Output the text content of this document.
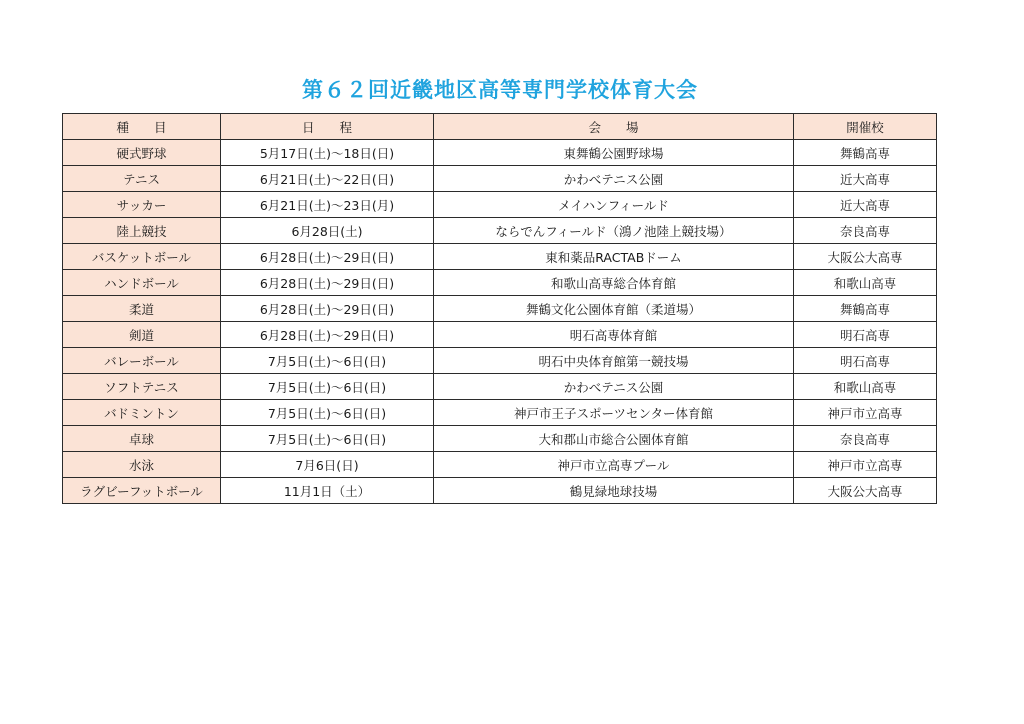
第６２回近畿地区高等専門学校体育大会
種　　目	日　　程	会　　場	開催校
硬式野球	5月17日(土)～18日(日)	東舞鶴公園野球場	舞鶴高専
テニス	6月21日(土)～22日(日)	かわべテニス公園	近大高専
サッカー	6月21日(土)～23日(月)	メイハンフィールド	近大高専
陸上競技	6月28日(土)	ならでんフィールド（鴻ノ池陸上競技場）	奈良高専
バスケットボール	6月28日(土)～29日(日)	東和薬品RACTABドーム	大阪公大高専
ハンドボール	6月28日(土)～29日(日)	和歌山高専総合体育館	和歌山高専
柔道	6月28日(土)～29日(日)	舞鶴文化公園体育館（柔道場）	舞鶴高専
剣道	6月28日(土)～29日(日)	明石高専体育館	明石高専
バレーボール	7月5日(土)～6日(日)	明石中央体育館第一競技場	明石高専
ソフトテニス	7月5日(土)～6日(日)	かわべテニス公園	和歌山高専
バドミントン	7月5日(土)～6日(日)	神戸市王子スポーツセンター体育館	神戸市立高専
卓球	7月5日(土)～6日(日)	大和郡山市総合公園体育館	奈良高専
水泳	7月6日(日)	神戸市立高専プール	神戸市立高専
ラグビーフットボール	11月1日（土）	鶴見緑地球技場	大阪公大高専
